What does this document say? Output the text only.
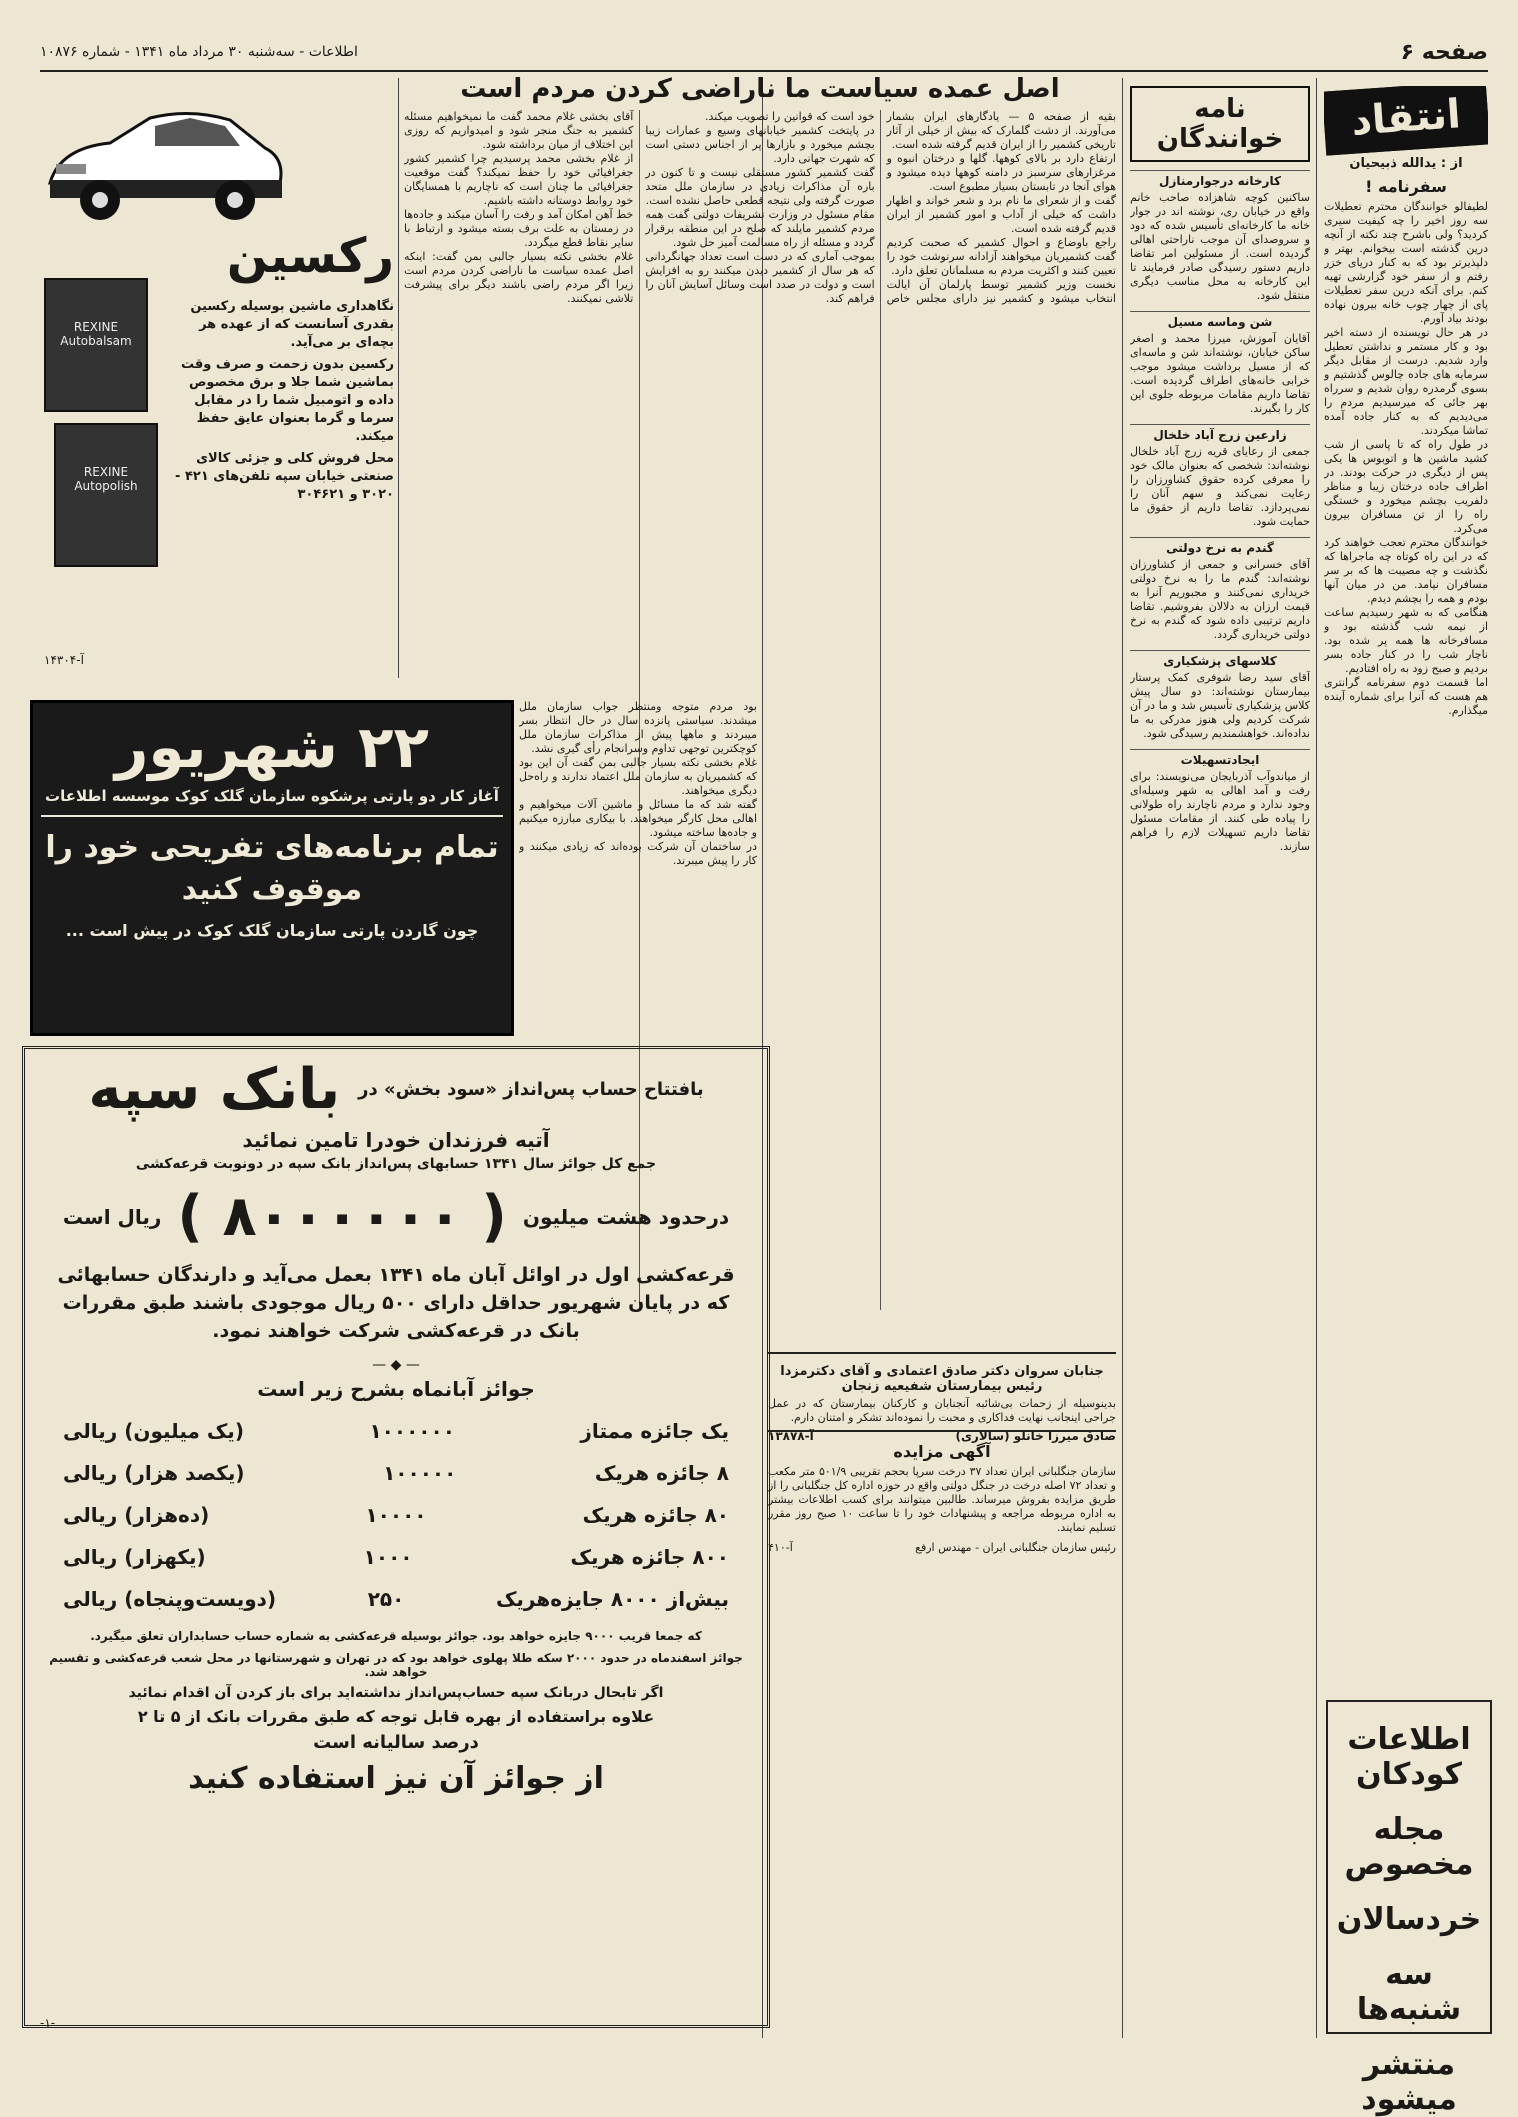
صفحه ۶
اطلاعات - سه‌شنبه ۳۰ مرداد ماه ۱۳۴۱ - شماره ۱۰۸۷۶
انتقاد
از : یدالله ذبیحیان
سفرنامه !

لطیفالو خوانندگان محترم تعطیلات سه روز اخیر را چه کیفیت سیری کردید؟ ولی باشرح چند نکته از آنچه درین گذشته است بیخوانم. بهتر و دلپذیرتر بود که به کنار دریای خزر رفتم و از سفر خود گزارشی تهیه کنم. برای آنکه درین سفر تعطیلات پای از چهار چوب خانه بیرون نهاده بودند بیاد آورم.

در هر حال نویسنده از دسته اخیر بود و کار مستمر و نداشتن تعطیل وارد شدیم. درست از مقابل دیگر سرمایه های جاده چالوس گذشتیم و بسوی گرمدره روان شدیم و سرراه بهر جائی که میرسیدیم مردم را می‌دیدیم که به کنار جاده آمده تماشا میکردند.

در طول راه که تا پاسی از شب کشید ماشین ها و اتوبوس ها یکی پس از دیگری در حرکت بودند. در اطراف جاده درختان زیبا و مناظر دلفریب بچشم میخورد و خستگی راه را از تن مسافران بیرون می‌کرد.

خوانندگان محترم تعجب خواهند کرد که در این راه کوتاه چه ماجراها که نگذشت و چه مصیبت ها که بر سر مسافران نیامد. من در میان آنها بودم و همه را بچشم دیدم.

هنگامی که به شهر رسیدیم ساعت از نیمه شب گذشته بود و مسافرخانه ها همه پر شده بود. ناچار شب را در کنار جاده بسر بردیم و صبح زود به راه افتادیم.

اما قسمت دوم سفرنامه گرانتری هم هست که آنرا برای شماره آینده میگذارم.

اطلاعات کودکان
مجله مخصوص
خردسالان
سه شنبه‌ها
منتشر میشود
نامه خوانندگان
کارخانه درجوارمنازل

ساکنین کوچه شاهزاده صاحب خانم واقع در خیابان ری، نوشته اند در جوار خانه ما کارخانه‌ای تأسیس شده که دود و سروصدای آن موجب ناراحتی اهالی گردیده است. از مسئولین امر تقاضا داریم دستور رسیدگی صادر فرمایند تا این کارخانه به محل مناسب دیگری منتقل شود.

شن وماسه مسیل

آقایان آموزش، میرزا محمد و اصغر ساکن خیابان، نوشته‌اند شن و ماسه‌ای که از مسیل برداشت میشود موجب خرابی خانه‌های اطراف گردیده است. تقاضا داریم مقامات مربوطه جلوی این کار را بگیرند.

زارعین زرج آباد خلخال

جمعی از رعایای قریه زرج آباد خلخال نوشته‌اند: شخصی که بعنوان مالک خود را معرفی کرده حقوق کشاورزان را رعایت نمی‌کند و سهم آنان را نمی‌پردازد. تقاضا داریم از حقوق ما حمایت شود.

گندم به نرخ دولتی

آقای خسرانی و جمعی از کشاورزان نوشته‌اند: گندم ما را به نرخ دولتی خریداری نمی‌کنند و مجبوریم آنرا به قیمت ارزان به دلالان بفروشیم. تقاضا داریم ترتیبی داده شود که گندم به نرخ دولتی خریداری گردد.

کلاسهای پزشکیاری

آقای سید رضا شوفری کمک پرستار بیمارستان نوشته‌اند: دو سال پیش کلاس پزشکیاری تأسیس شد و ما در آن شرکت کردیم ولی هنوز مدرکی به ما نداده‌اند. خواهشمندیم رسیدگی شود.

ایجادتسهیلات

از میاندوآب آذربایجان می‌نویسند: برای رفت و آمد اهالی به شهر وسیله‌ای وجود ندارد و مردم ناچارند راه طولانی را پیاده طی کنند. از مقامات مسئول تقاضا داریم تسهیلات لازم را فراهم سازند.

اصل عمده سیاست ما ناراضی کردن مردم است

بقیه از صفحه ۵ — یادگارهای ایران بشمار می‌آورند. از دشت گلمارک که بیش از خیلی از آثار تاریخی کشمیر را از ایران قدیم گرفته شده است.

ارتفاع دارد بر بالای کوهها. گلها و درختان انبوه و مرغزارهای سرسبز در دامنه کوهها دیده میشود و هوای آنجا در تابستان بسیار مطبوع است.

گفت و از شعرای ما نام برد و شعر خواند و اظهار داشت که خیلی از آداب و امور کشمیر از ایران قدیم گرفته شده است.

راجع باوضاع و احوال کشمیر که صحبت کردیم گفت کشمیریان میخواهند آزادانه سرنوشت خود را تعیین کنند و اکثریت مردم به مسلمانان تعلق دارد.

نخست وزیر کشمیر توسط پارلمان آن ایالت انتخاب میشود و کشمیر نیز دارای مجلس خاص خود است که قوانین را تصویب میکند.

در پایتخت کشمیر خیابانهای وسیع و عمارات زیبا بچشم میخورد و بازارها پر از اجناس دستی است که شهرت جهانی دارد.

گفت کشمیر کشور مستقلی نیست و تا کنون در باره آن مذاکرات زیادی در سازمان ملل متحد صورت گرفته ولی نتیجه قطعی حاصل نشده است.

مقام مسئول در وزارت تشریفات دولتی گفت همه مردم کشمیر مایلند که صلح در این منطقه برقرار گردد و مسئله از راه مسالمت آمیز حل شود.

بموجب آماری که در دست است تعداد جهانگردانی که هر سال از کشمیر دیدن میکنند رو به افزایش است و دولت در صدد است وسائل آسایش آنان را فراهم کند.

آقای بخشی غلام محمد گفت ما نمیخواهیم مسئله کشمیر به جنگ منجر شود و امیدواریم که روزی این اختلاف از میان برداشته شود.

از غلام بخشی محمد پرسیدیم چرا کشمیر کشور جغرافیائی خود را حفظ نمیکند؟ گفت موقعیت جغرافیائی ما چنان است که ناچاریم با همسایگان خود روابط دوستانه داشته باشیم.

خط آهن امکان آمد و رفت را آسان میکند و جاده‌ها در زمستان به علت برف بسته میشود و ارتباط با سایر نقاط قطع میگردد.

غلام بخشی نکته بسیار جالبی بمن گفت: اینکه اصل عمده سیاست ما ناراضی کردن مردم است زیرا اگر مردم راضی باشند دیگر برای پیشرفت تلاشی نمیکنند.

جنابان سروان دکتر صادق اعتمادی و آقای دکترمزدا رئیس بیمارستان شفیعیه زنجان

بدینوسیله از زحمات بی‌شائبه آنجنابان و کارکنان بیمارستان که در عمل جراحی اینجانب نهایت فداکاری و محبت را نموده‌اند تشکر و امتنان دارم.

صادق میرزا خانلو (سالاری)
آ-۱۳۸۷۸
آگهی مزایده

سازمان جنگلبانی ایران تعداد ۳۷ درخت سرپا بحجم تقریبی ۵۰۱/۹ متر مکعب و تعداد ۷۲ اصله درخت در جنگل دولتی واقع در حوزه اداره کل جنگلبانی را از طریق مزایده بفروش میرساند. طالبین میتوانند برای کسب اطلاعات بیشتر به اداره مربوطه مراجعه و پیشنهادات خود را تا ساعت ۱۰ صبح روز مقرر تسلیم نمایند.

رئیس سازمان جنگلبانی ایران - مهندس ارفع
آ-۴۱۰
رکسین
REXINE Autobalsam
REXINE Autopolish

نگاهداری ماشین بوسیله رکسین بقدری آسانست که از عهده هر بچه‌ای بر می‌آید.

رکسین بدون زحمت و صرف وقت بماشین شما جلا و برق مخصوص داده و اتومبیل شما را در مقابل سرما و گرما بعنوان عایق حفظ میکند.

محل فروش کلی و جزئی کالای صنعتی خیابان سپه تلفن‌های ۴۲۱ - ۳۰۲۰ و ۳۰۴۶۲۱

آ-۱۴۳۰۴
۲۲ شهریور
آغاز کار دو پارتی پرشکوه سازمان گلک کوک موسسه اطلاعات
تمام برنامه‌های تفریحی خود را موقوف کنید
چون گاردن پارتی سازمان گلک کوک در پیش است ...
بافتتاح حساب پس‌انداز «سود بخش» در
بانک سپه
آتیه فرزندان خودرا تامین نمائید
جمع کل جوائز سال ۱۳۴۱ حسابهای پس‌انداز بانک سپه در دونوبت قرعه‌کشی
درحدود هشت میلیون
( ۸۰۰۰۰۰۰ )
ریال است
قرعه‌کشی اول در اوائل آبان ماه ۱۳۴۱ بعمل می‌آید و دارندگان حسابهائی که در پایان شهریور حداقل دارای ۵۰۰ ریال موجودی باشند طبق مقررات بانک در قرعه‌کشی شرکت خواهند نمود.
— ◆ —
جوائز آبانماه بشرح زیر است
یک جائزه ممتاز
۱۰۰۰۰۰۰
(یک میلیون) ریالی
۸ جائزه هریک
۱۰۰۰۰۰
(یکصد هزار) ریالی
۸۰ جائزه هریک
۱۰۰۰۰
(ده‌هزار) ریالی
۸۰۰ جائزه هریک
۱۰۰۰
(یکهزار) ریالی
بیش‌از ۸۰۰۰ جایزه‌هریک
۲۵۰
(دویست‌وپنجاه) ریالی
که جمعا قریب ۹۰۰۰ جایزه خواهد بود. جوائز بوسیله قرعه‌کشی به شماره حساب حسابداران تعلق میگیرد.
جوائز اسفندماه در حدود ۲۰۰۰ سکه طلا پهلوی خواهد بود که در تهران و شهرستانها در محل شعب قرعه‌کشی و تقسیم خواهد شد.
اگر تابحال دربانک سپه حساب‌پس‌انداز نداشته‌اید برای باز کردن آن اقدام نمائید
علاوه براستفاده از بهره قابل توجه که طبق مقررات بانک از ۵ تا ۲
درصد سالیانه است
از جوائز آن نیز استفاده کنید
-۱-

بود مردم متوجه ومنتظر جواب سازمان ملل میشدند. سیاستی پانزده سال در حال انتظار بسر میبردند و ماهها پیش از مذاکرات سازمان ملل کوچکترین توجهی تداوم وسرانجام رأی گیری نشد.

غلام بخشی نکته بسیار جالبی بمن گفت آن این بود که کشمیریان به سازمان ملل اعتماد ندارند و راه‌حل دیگری میخواهند.

گفته شد که ما مسائل و ماشین آلات میخواهیم و اهالی محل کارگر میخواهند. با بیکاری مبارزه میکنیم و جاده‌ها ساخته میشود.

در ساختمان آن شرکت بوده‌اند که زیادی میکنند و کار را پیش میبرند.
